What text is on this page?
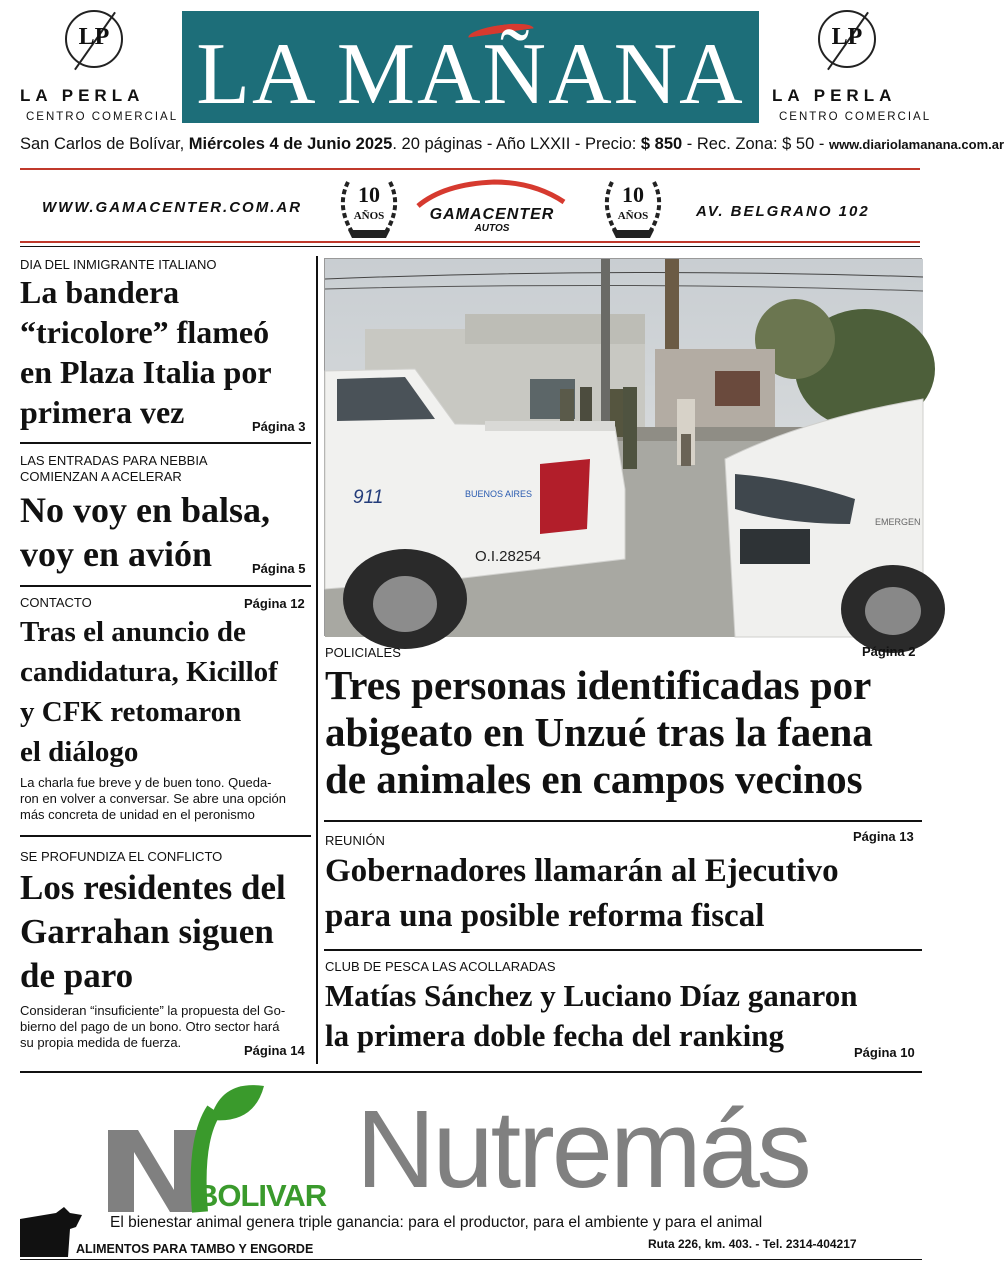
LP
LA PERLA
CENTRO COMERCIAL LA MAÑANA	LP
LA PERLA
CENTRO COMERCIAL
San Carlos de Bolívar, Miércoles 4 de Junio 2025. 20 páginas - Año LXXII - Precio: $ 850 - Rec. Zona: $ 50 - www.diariolamanana.com.ar
WWW.GAMACENTER.COM.AR
10
AÑOS	GAMACENTER
AUTOS
10
AÑOS	AV. BELGRANO 102
DIA DEL INMIGRANTE ITALIANO
La bandera
“tricolore” flameó
en Plaza Italia por
primera vez	Página 3
LAS ENTRADAS PARA NEBBIA
COMIENZAN A ACELERAR
No voy en balsa,
voy en avión	Página 5
CONTACTO	Página 12
Tras el anuncio de
candidatura, Kicillof
y CFK retomaron
el diálogo
La charla fue breve y de buen tono. Queda-
ron en volver a conversar. Se abre una opción
más concreta de unidad en el peronismo
SE PROFUNDIZA EL CONFLICTO
Los residentes del
Garrahan siguen
de paro
Consideran “insuficiente” la propuesta del Go-
bierno del pago de un bono. Otro sector hará
su propia medida de fuerza.
Página 14
911
O.I.28254
BUENOS AIRES
EMERGEN
POLICIALES	Página 2
Tres personas identificadas por
abigeato en Unzué tras la faena
de animales en campos vecinos
REUNIÓN	Página 13
Gobernadores llamarán al Ejecutivo
para una posible reforma fiscal
CLUB DE PESCA LAS ACOLLARADAS
Matías Sánchez y Luciano Díaz ganaron
la primera doble fecha del ranking	Página 10
Nutremás
BOLIVAR
El bienestar animal genera triple ganancia: para el productor, para el ambiente y para el animal
ALIMENTOS PARA TAMBO Y ENGORDE	Ruta 226, km. 403. - Tel. 2314-404217
